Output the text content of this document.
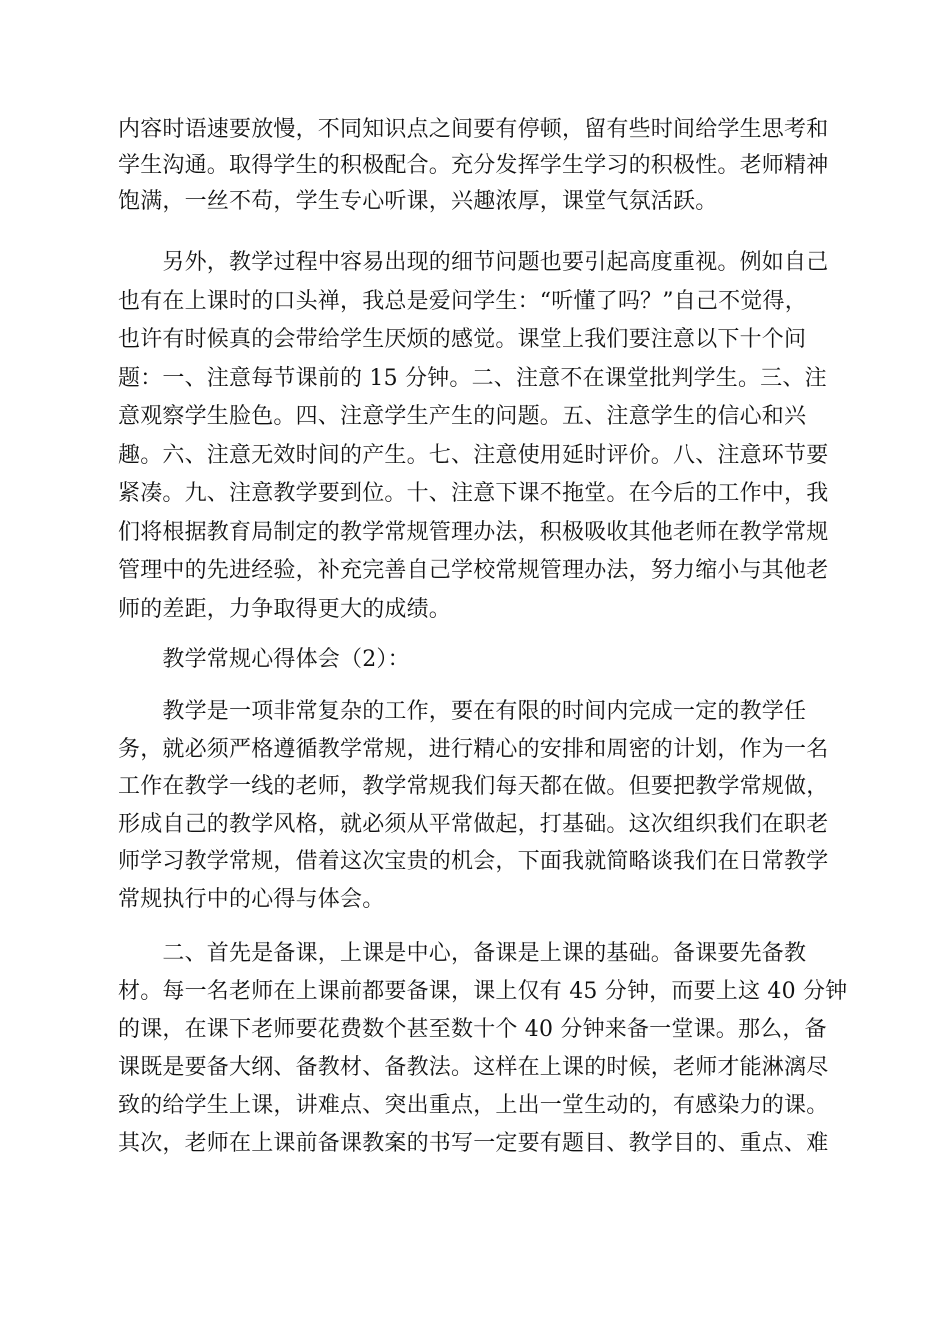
内容时语速要放慢，不同知识点之间要有停顿，留有些时间给学生思考和
学生沟通。取得学生的积极配合。充分发挥学生学习的积极性。老师精神
饱满，一丝不苟，学生专心听课，兴趣浓厚，课堂气氛活跃。
　　另外，教学过程中容易出现的细节问题也要引起高度重视。例如自己
也有在上课时的口头禅，我总是爱问学生：“听懂了吗？”自己不觉得，
也许有时候真的会带给学生厌烦的感觉。课堂上我们要注意以下十个问
题：一、注意每节课前的 15 分钟。二、注意不在课堂批判学生。三、注
意观察学生脸色。四、注意学生产生的问题。五、注意学生的信心和兴
趣。六、注意无效时间的产生。七、注意使用延时评价。八、注意环节要
紧凑。九、注意教学要到位。十、注意下课不拖堂。在今后的工作中，我
们将根据教育局制定的教学常规管理办法，积极吸收其他老师在教学常规
管理中的先进经验，补充完善自己学校常规管理办法，努力缩小与其他老
师的差距，力争取得更大的成绩。
　　教学常规心得体会（2）：
　　教学是一项非常复杂的工作，要在有限的时间内完成一定的教学任
务，就必须严格遵循教学常规，进行精心的安排和周密的计划，作为一名
工作在教学一线的老师，教学常规我们每天都在做。但要把教学常规做，
形成自己的教学风格，就必须从平常做起，打基础。这次组织我们在职老
师学习教学常规，借着这次宝贵的机会，下面我就简略谈我们在日常教学
常规执行中的心得与体会。
　　二、首先是备课，上课是中心，备课是上课的基础。备课要先备教
材。每一名老师在上课前都要备课，课上仅有 45 分钟，而要上这 40 分钟
的课，在课下老师要花费数个甚至数十个 40 分钟来备一堂课。那么，备
课既是要备大纲、备教材、备教法。这样在上课的时候，老师才能淋漓尽
致的给学生上课，讲难点、突出重点，上出一堂生动的，有感染力的课。
其次，老师在上课前备课教案的书写一定要有题目、教学目的、重点、难
